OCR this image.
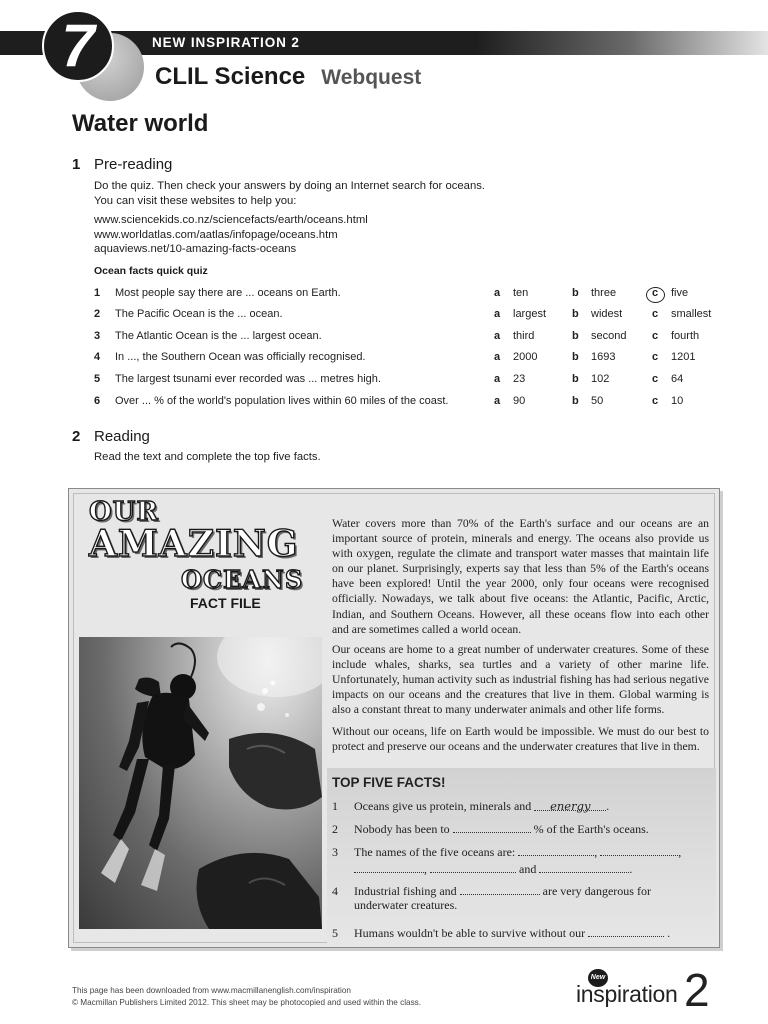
NEW INSPIRATION 2
7	CLIL Science Webquest
Water world
1 Pre-reading
Do the quiz. Then check your answers by doing an Internet search for oceans.
You can visit these websites to help you:
www.sciencekids.co.nz/sciencefacts/earth/oceans.html
www.worldatlas.com/aatlas/infopage/oceans.htm
aquaviews.net/10-amazing-facts-oceans
Ocean facts quick quiz
1 Most people say there are ... oceans on Earth.	a ten	b three	c five
2 The Pacific Ocean is the ... ocean.	a largest b widest	c smallest
3 The Atlantic Ocean is the ... largest ocean.	a third	b second c fourth
4 In ..., the Southern Ocean was officially recognised.	a 2000	b 1693	c 1201
5 The largest tsunami ever recorded was ... metres high.	a 23	b 102	c 64
6 Over ... % of the world's population lives within 60 miles of the coast.	a 90	b 50	c 10
2 Reading
Read the text and complete the top five facts.
OUR
AMAZING
OCEANS
FACT FILE
Water covers more than 70% of the Earth's surface and our oceans are an important source of protein, minerals and energy. The oceans also provide us with oxygen, regulate the climate and transport water masses that maintain life on our planet. Surprisingly, experts say that less than 5% of the Earth's oceans have been explored! Until the year 2000, only four oceans were recognised officially. Nowadays, we talk about five oceans: the Atlantic, Pacific, Arctic, Indian, and Southern Oceans. However, all these oceans flow into each other and are sometimes called a world ocean.
Our oceans are home to a great number of underwater creatures. Some of these include whales, sharks, sea turtles and a variety of other marine life. Unfortunately, human activity such as industrial fishing has had serious negative impacts on our oceans and the creatures that live in them. Global warming is also a constant threat to many underwater animals and other life forms.
Without our oceans, life on Earth would be impossible. We must do our best to protect and preserve our oceans and the underwater creatures that live in them.
TOP FIVE FACTS!
1 Oceans give us protein, minerals and energy .
2 Nobody has been to	% of the Earth's oceans.
3 The names of the five oceans are:	,	,
,	and	.
4 Industrial fishing and	are very dangerous for
underwater creatures.
5 Humans wouldn't be able to survive without our	.
This page has been downloaded from www.macmillanenglish.com/inspiration
© Macmillan Publishers Limited 2012. This sheet may be photocopied and used within the class.
New
inspiration 2
